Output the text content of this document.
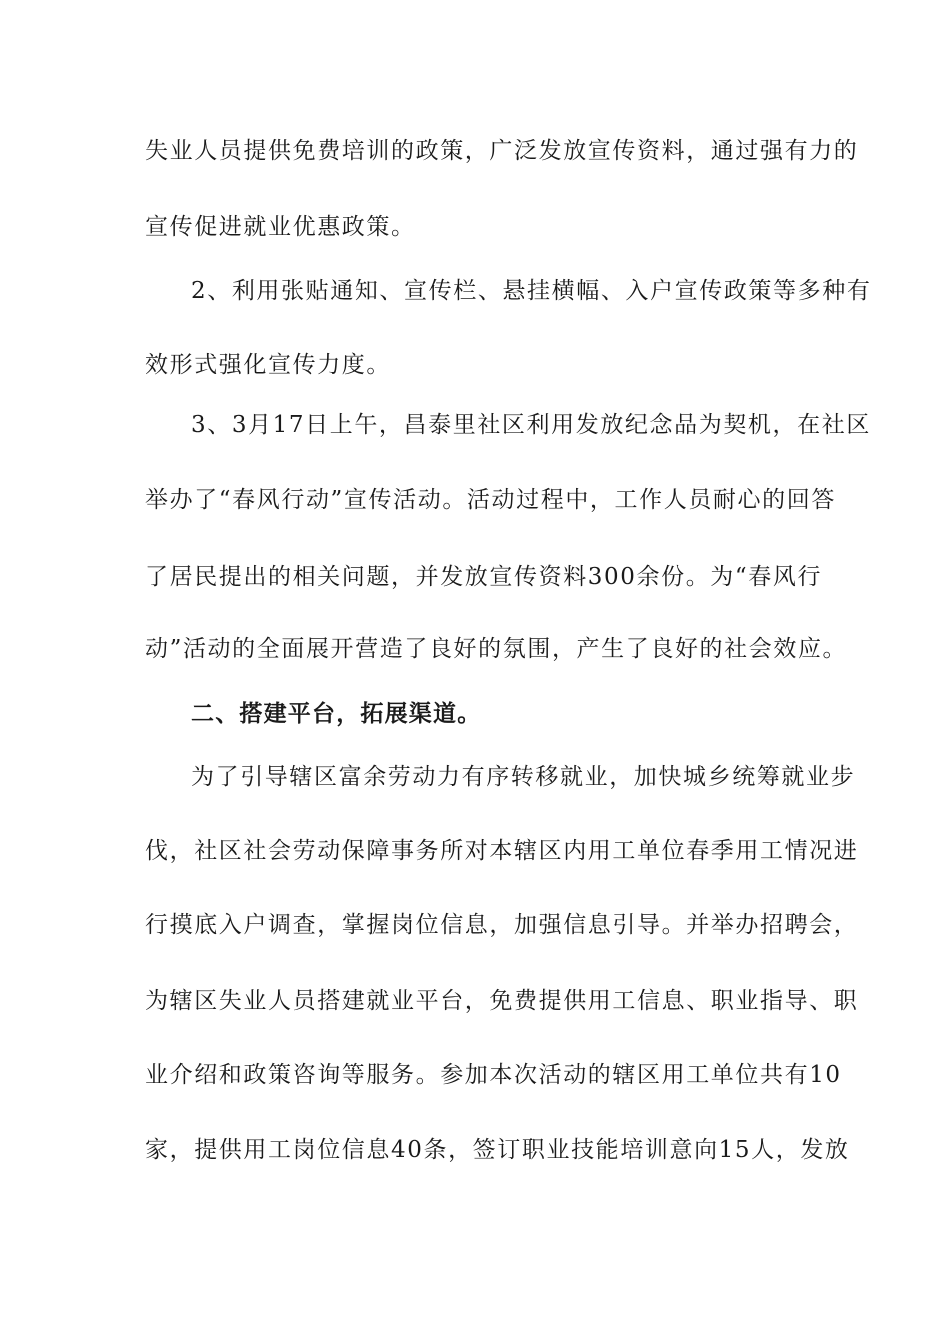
失业人员提供免费培训的政策，广泛发放宣传资料，通过强有力的

宣传促进就业优惠政策。

2、利用张贴通知、宣传栏、悬挂横幅、入户宣传政策等多种有

效形式强化宣传力度。

3、3月17日上午，昌泰里社区利用发放纪念品为契机，在社区

举办了“春风行动”宣传活动。活动过程中，工作人员耐心的回答

了居民提出的相关问题，并发放宣传资料300余份。为“春风行

动”活动的全面展开营造了良好的氛围，产生了良好的社会效应。

二、搭建平台，拓展渠道。

为了引导辖区富余劳动力有序转移就业，加快城乡统筹就业步

伐，社区社会劳动保障事务所对本辖区内用工单位春季用工情况进

行摸底入户调查，掌握岗位信息，加强信息引导。并举办招聘会，

为辖区失业人员搭建就业平台，免费提供用工信息、职业指导、职

业介绍和政策咨询等服务。参加本次活动的辖区用工单位共有10

家，提供用工岗位信息40条，签订职业技能培训意向15人，发放
